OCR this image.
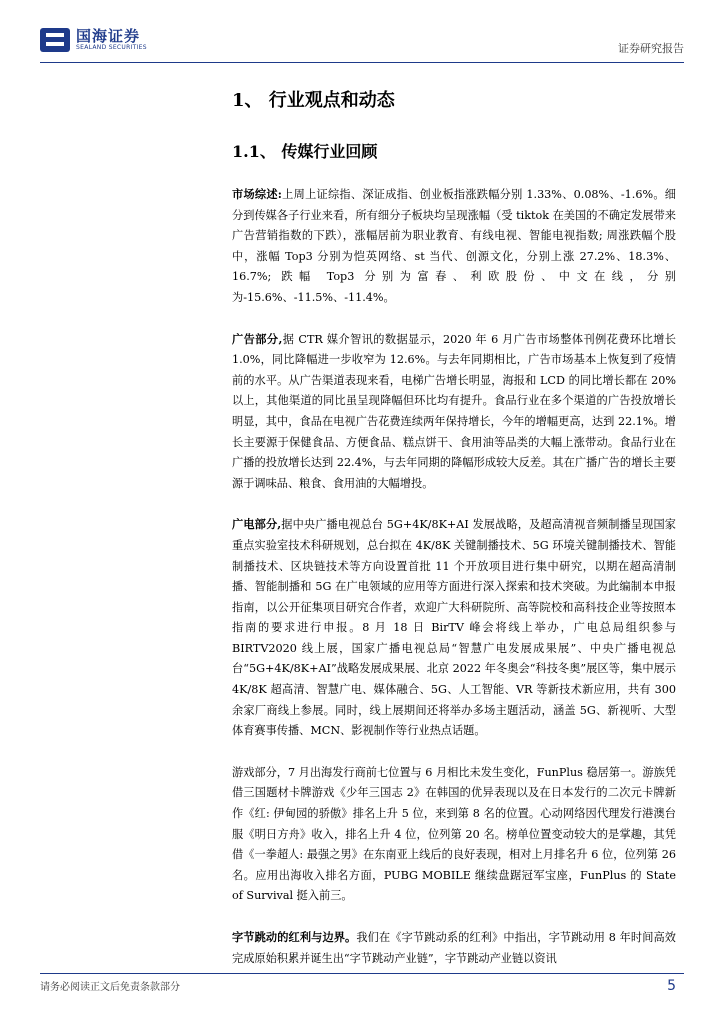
国海证券
SEALAND SECURITIES	证券研究报告
1、 行业观点和动态
1.1、 传媒行业回顾

市场综述:上周上证综指、深证成指、创业板指涨跌幅分别 1.33%、0.08%、-1.6%。细分到传媒各子行业来看，所有细分子板块均呈现涨幅（受 tiktok 在美国的不确定发展带来广告营销指数的下跌），涨幅居前为职业教育、有线电视、智能电视指数; 周涨跌幅个股中，涨幅 Top3 分别为恺英网络、st 当代、创源文化，分别上涨 27.2%、18.3%、16.7%; 跌幅 Top3 分别为富春、利欧股份、中文在线，分别为-15.6%、-11.5%、-11.4%。

广告部分,据 CTR 媒介智讯的数据显示，2020 年 6 月广告市场整体刊例花费环比增长 1.0%，同比降幅进一步收窄为 12.6%。与去年同期相比，广告市场基本上恢复到了疫情前的水平。从广告渠道表现来看，电梯广告增长明显，海报和 LCD 的同比增长都在 20%以上，其他渠道的同比虽呈现降幅但环比均有提升。食品行业在多个渠道的广告投放增长明显，其中，食品在电视广告花费连续两年保持增长，今年的增幅更高，达到 22.1%。增长主要源于保健食品、方便食品、糕点饼干、食用油等品类的大幅上涨带动。食品行业在广播的投放增长达到 22.4%，与去年同期的降幅形成较大反差。其在广播广告的增长主要源于调味品、粮食、食用油的大幅增投。

广电部分,据中央广播电视总台 5G+4K/8K+AI 发展战略，及超高清视音频制播呈现国家重点实验室技术科研规划，总台拟在 4K/8K 关键制播技术、5G 环境关键制播技术、智能制播技术、区块链技术等方向设置首批 11 个开放项目进行集中研究，以期在超高清制播、智能制播和 5G 在广电领域的应用等方面进行深入探索和技术突破。为此编制本申报指南，以公开征集项目研究合作者，欢迎广大科研院所、高等院校和高科技企业等按照本指南的要求进行申报。8 月 18 日 BirTV 峰会将线上举办，广电总局组织参与 BIRTV2020 线上展，国家广播电视总局“智慧广电发展成果展”、中央广播电视总台“5G+4K/8K+AI”战略发展成果展、北京 2022 年冬奥会“科技冬奥”展区等，集中展示 4K/8K 超高清、智慧广电、媒体融合、5G、人工智能、VR 等新技术新应用，共有 300 余家厂商线上参展。同时，线上展期间还将举办多场主题活动，涵盖 5G、新视听、大型体育赛事传播、MCN、影视制作等行业热点话题。

游戏部分，7 月出海发行商前七位置与 6 月相比未发生变化，FunPlus 稳居第一。游族凭借三国题材卡牌游戏《少年三国志 2》在韩国的优异表现以及在日本发行的二次元卡牌新作《红: 伊甸园的骄傲》排名上升 5 位，来到第 8 名的位置。心动网络因代理发行港澳台服《明日方舟》收入，排名上升 4 位，位列第 20 名。榜单位置变动较大的是掌趣，其凭借《一拳超人: 最强之男》在东南亚上线后的良好表现，相对上月排名升 6 位，位列第 26 名。应用出海收入排名方面，PUBG MOBILE 继续盘踞冠军宝座，FunPlus 的 State of Survival 挺入前三。

字节跳动的红利与边界。我们在《字节跳动系的红利》中指出，字节跳动用 8 年时间高效完成原始积累并诞生出“字节跳动产业链”，字节跳动产业链以资讯

请务必阅读正文后免责条款部分	5
